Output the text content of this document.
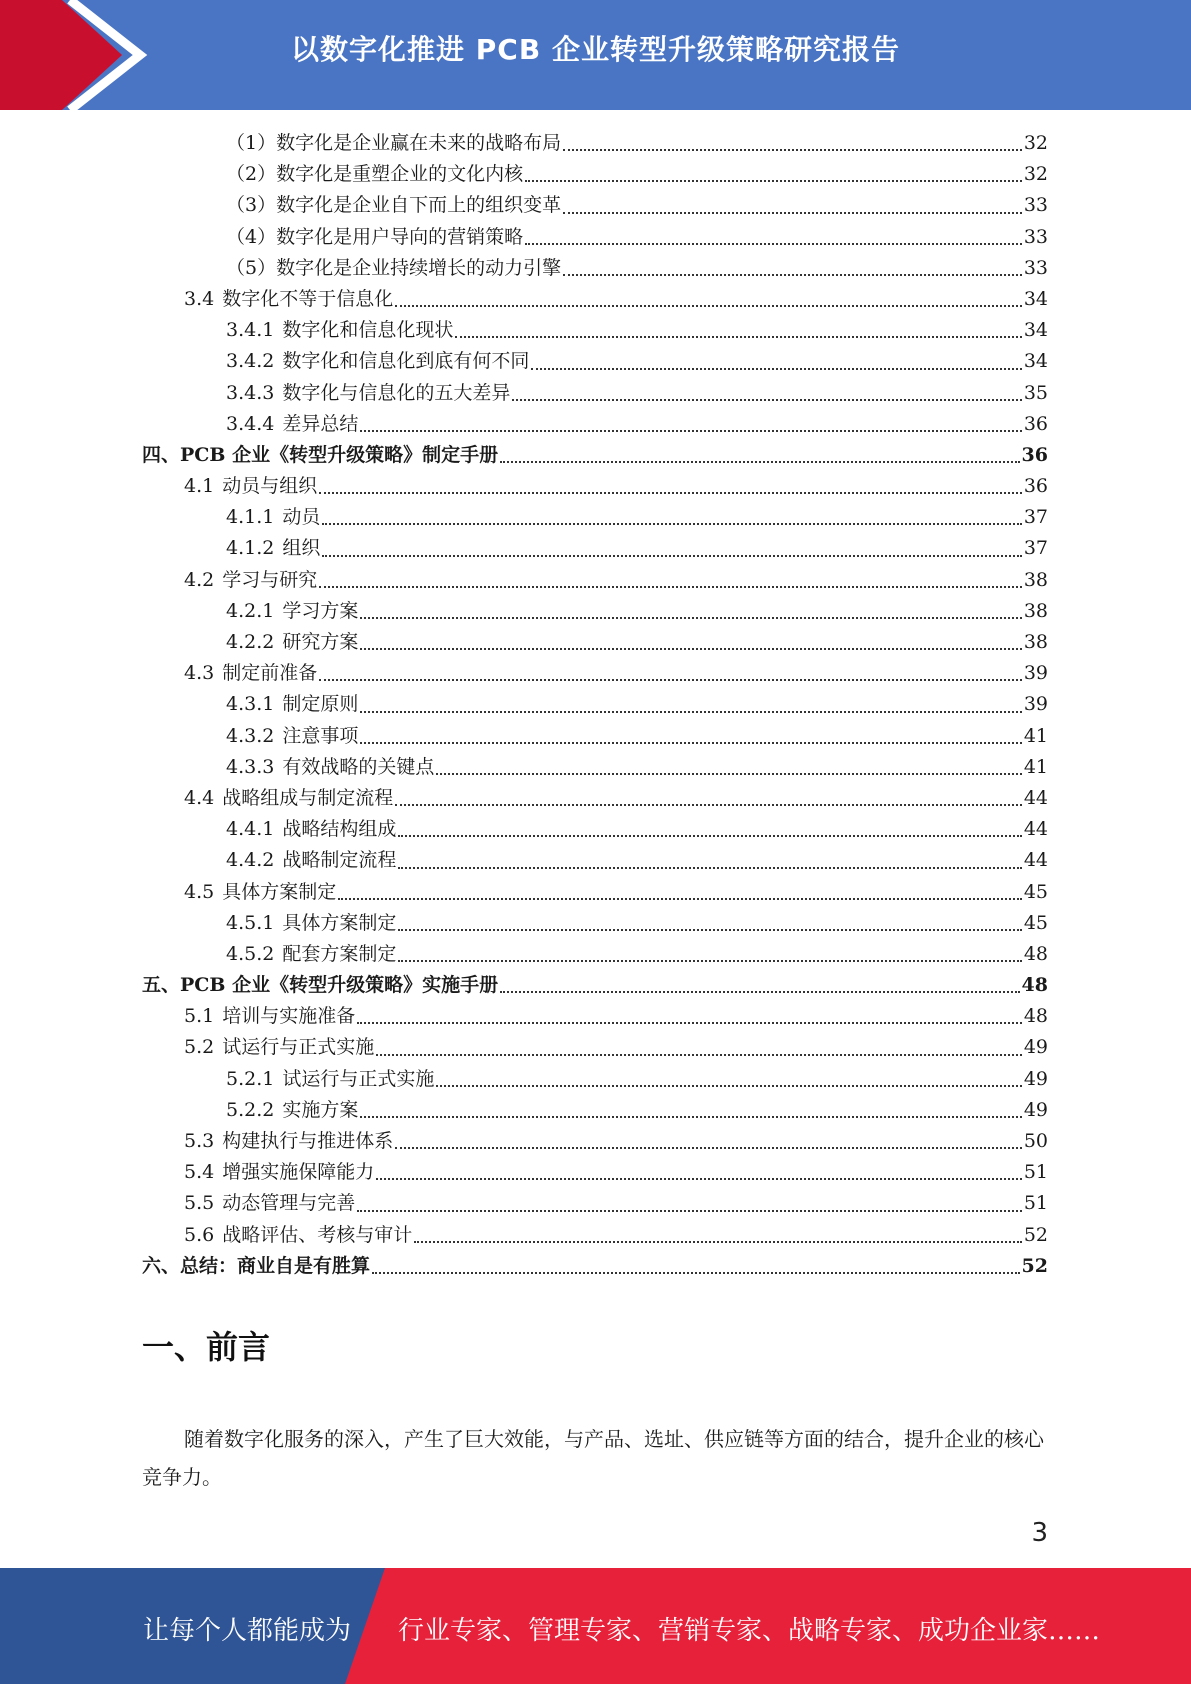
以数字化推进 PCB 企业转型升级策略研究报告
（1）数字化是企业赢在未来的战略布局	32
（2）数字化是重塑企业的文化内核	32
（3）数字化是企业自下而上的组织变革	33
（4）数字化是用户导向的营销策略	33
（5）数字化是企业持续增长的动力引擎	33
3.4 数字化不等于信息化	34
3.4.1 数字化和信息化现状	34
3.4.2 数字化和信息化到底有何不同	34
3.4.3 数字化与信息化的五大差异	35
3.4.4 差异总结	36
四、PCB 企业《转型升级策略》制定手册	36
4.1 动员与组织	36
4.1.1 动员	37
4.1.2 组织	37
4.2 学习与研究	38
4.2.1 学习方案	38
4.2.2 研究方案	38
4.3 制定前准备	39
4.3.1 制定原则	39
4.3.2 注意事项	41
4.3.3 有效战略的关键点	41
4.4 战略组成与制定流程	44
4.4.1 战略结构组成	44
4.4.2 战略制定流程	44
4.5 具体方案制定	45
4.5.1 具体方案制定	45
4.5.2 配套方案制定	48
五、PCB 企业《转型升级策略》实施手册	48
5.1 培训与实施准备	48
5.2 试运行与正式实施	49
5.2.1 试运行与正式实施	49
5.2.2 实施方案	49
5.3 构建执行与推进体系	50
5.4 增强实施保障能力	51
5.5 动态管理与完善	51
5.6 战略评估、考核与审计	52
六、总结：商业自是有胜算	52
一、前言
随着数字化服务的深入，产生了巨大效能，与产品、选址、供应链等方面的结合，提升企业的核心竞争力。
3
让每个人都能成为 行业专家、管理专家、营销专家、战略专家、成功企业家……
